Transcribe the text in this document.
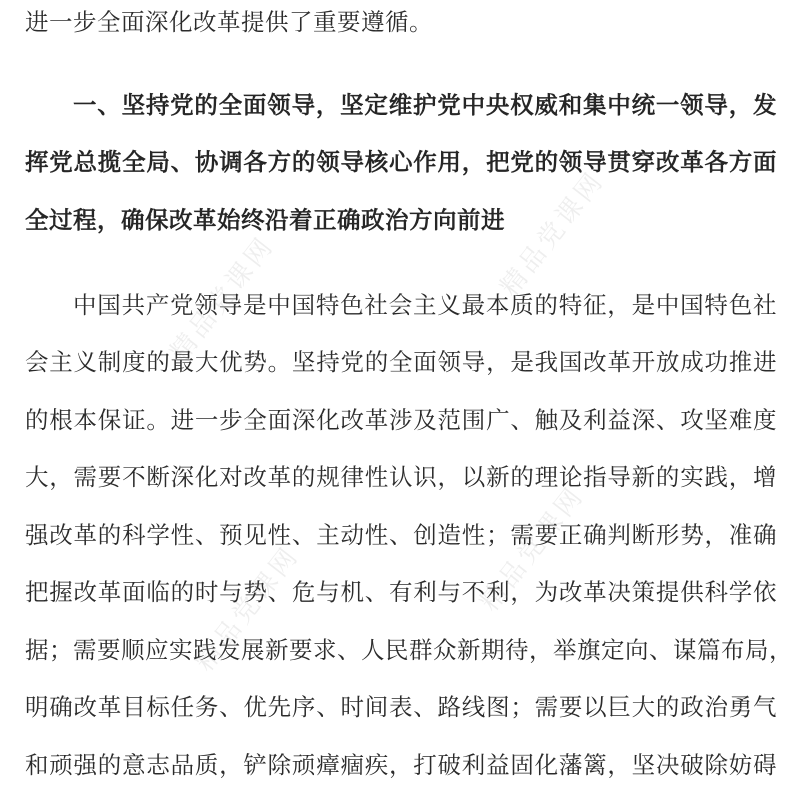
进一步全面深化改革提供了重要遵循。
一、坚持党的全面领导，坚定维护党中央权威和集中统一领导，发
挥党总揽全局、协调各方的领导核心作用，把党的领导贯穿改革各方面
全过程，确保改革始终沿着正确政治方向前进
中国共产党领导是中国特色社会主义最本质的特征，是中国特色社
会主义制度的最大优势。坚持党的全面领导，是我国改革开放成功推进
的根本保证。进一步全面深化改革涉及范围广、触及利益深、攻坚难度
大，需要不断深化对改革的规律性认识，以新的理论指导新的实践，增
强改革的科学性、预见性、主动性、创造性；需要正确判断形势，准确
把握改革面临的时与势、危与机、有利与不利，为改革决策提供科学依
据；需要顺应实践发展新要求、人民群众新期待，举旗定向、谋篇布局，
明确改革目标任务、优先序、时间表、路线图；需要以巨大的政治勇气
和顽强的意志品质，铲除顽瘴痼疾，打破利益固化藩篱，坚决破除妨碍
精品党课网	精品党课网
精品党课网	精品党课网
